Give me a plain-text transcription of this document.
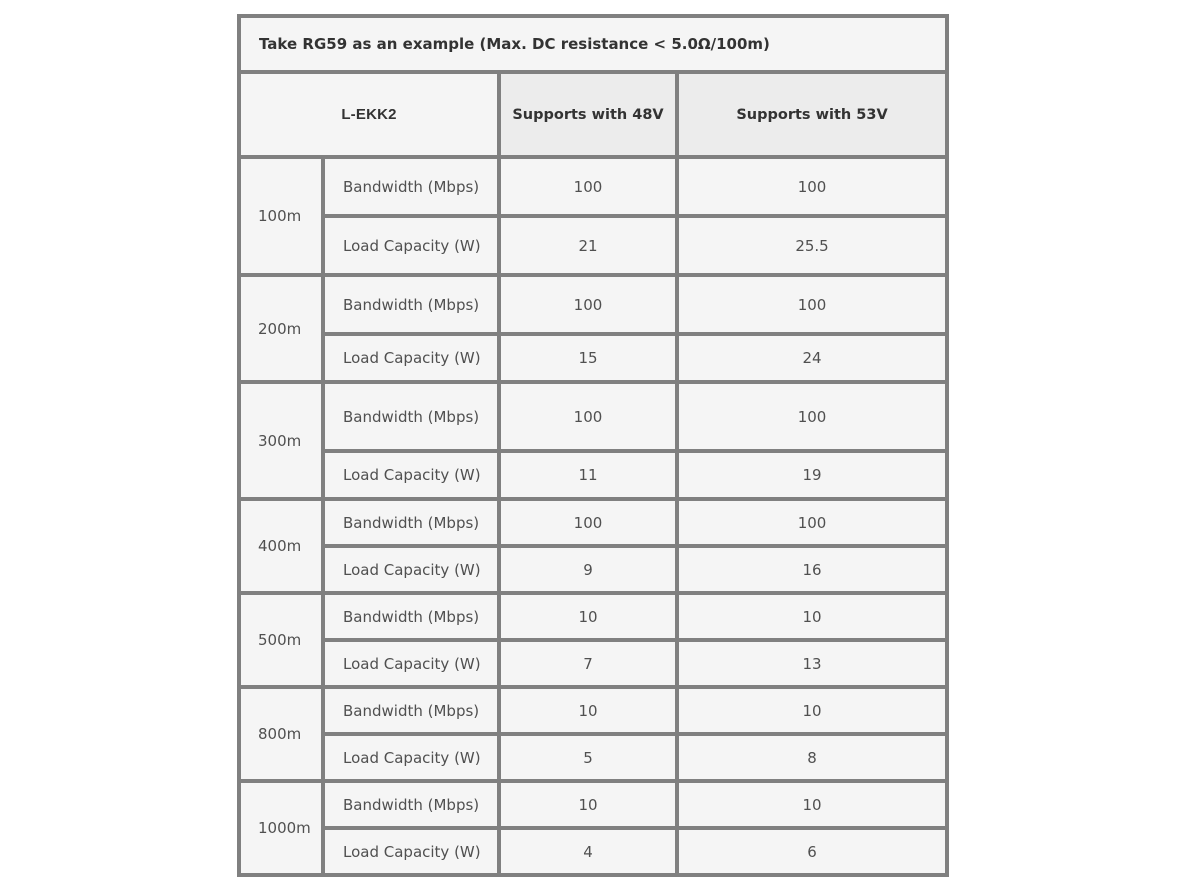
Take RG59 as an example (Max. DC resistance < 5.0Ω/100m)			
L-EKK2		Supports with 48V	Supports with 53V
100m	Bandwidth (Mbps)	100	100
	Load Capacity (W)	21	25.5
200m	Bandwidth (Mbps)	100	100
	Load Capacity (W)	15	24
300m	Bandwidth (Mbps)	100	100
	Load Capacity (W)	11	19
400m	Bandwidth (Mbps)	100	100
	Load Capacity (W)	9	16
500m	Bandwidth (Mbps)	10	10
	Load Capacity (W)	7	13
800m	Bandwidth (Mbps)	10	10
	Load Capacity (W)	5	8
1000m	Bandwidth (Mbps)	10	10
	Load Capacity (W)	4	6
